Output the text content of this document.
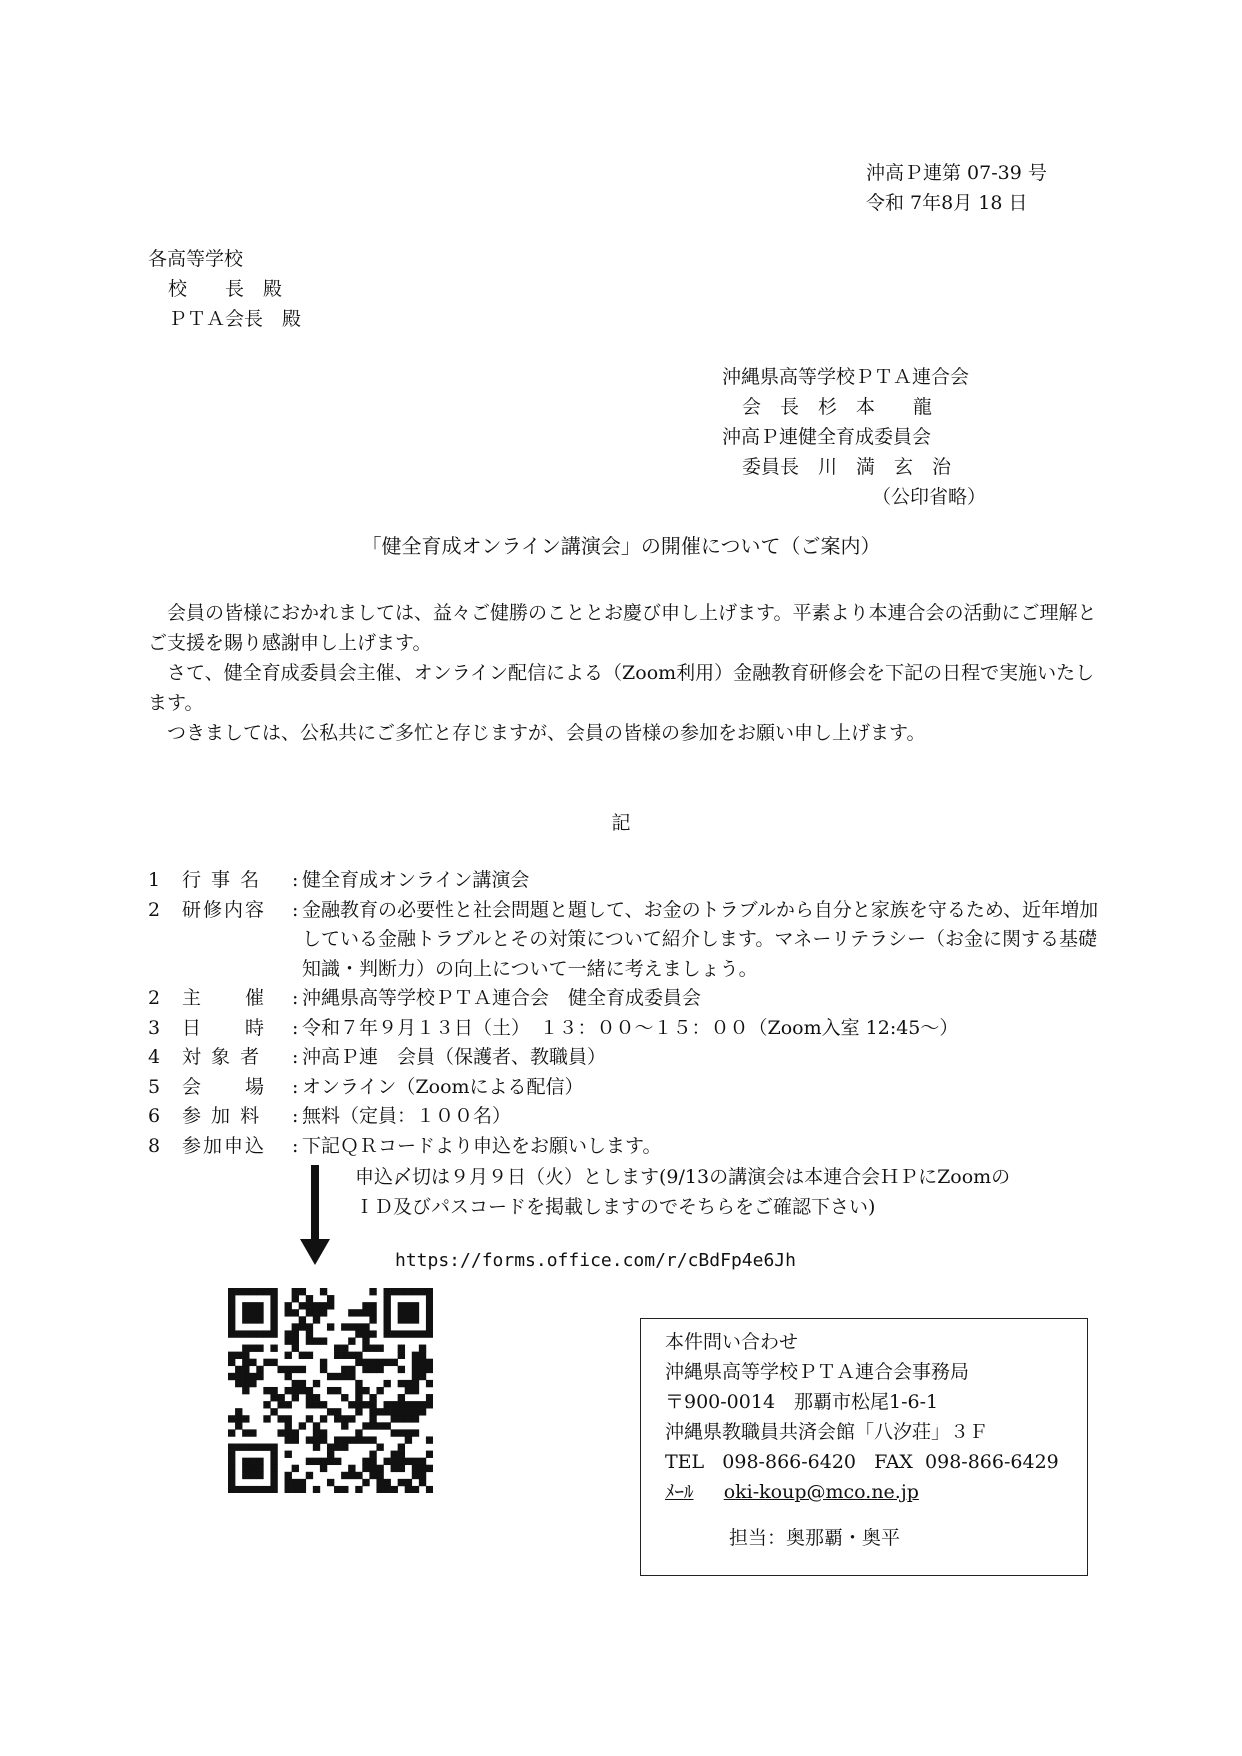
沖高Ｐ連第 07-39 号
令和 7年8月 18 日
各高等学校
校　　長　殿
ＰＴＡ会長　殿
沖縄県高等学校ＰＴＡ連合会
会　長　杉　本　　龍
沖高Ｐ連健全育成委員会
委員長　川　満　玄　治
（公印省略）
「健全育成オンライン講演会」の開催について（ご案内）

会員の皆様におかれましては、益々ご健勝のこととお慶び申し上げます。平素より本連合会の活動にご理解とご支援を賜り感謝申し上げます。

さて、健全育成委員会主催、オンライン配信による（Zoom利用）金融教育研修会を下記の日程で実施いたします。

つきましては、公私共にご多忙と存じますが、会員の皆様の参加をお願い申し上げます。

記
1	行 事 名	: 健全育成オンライン講演会
2	研修内容	: 金融教育の必要性と社会問題と題して、お金のトラブルから自分と家族を守るため、近年増加している金融トラブルとその対策について紹介します。マネーリテラシー（お金に関する基礎知識・判断力）の向上について一緒に考えましょう。
2	主　　催	: 沖縄県高等学校ＰＴＡ連合会　健全育成委員会
3	日　　時	: 令和７年９月１３日（土）　１３：００～１５：００（Zoom入室 12:45～）
4	対 象 者	: 沖高Ｐ連　会員（保護者、教職員）
5	会　　場	: オンライン（Zoomによる配信）
6	参 加 料	: 無料（定員：１００名）
8	参加申込	: 下記ＱＲコードより申込をお願いします。
申込〆切は９月９日（火）とします(9/13の講演会は本連合会ＨＰにZoomの
ＩＤ及びパスコードを掲載しますのでそちらをご確認下さい)
https://forms.office.com/r/cBdFp4e6Jh
本件問い合わせ
沖縄県高等学校ＰＴＡ連合会事務局
〒900-0014　那覇市松尾1-6-1
沖縄県教職員共済会館「八汐荘」３Ｆ
TEL 098-866-6420 FAX 098-866-6429
ﾒｰﾙ oki-koup@mco.ne.jp
担当：奥那覇・奥平
